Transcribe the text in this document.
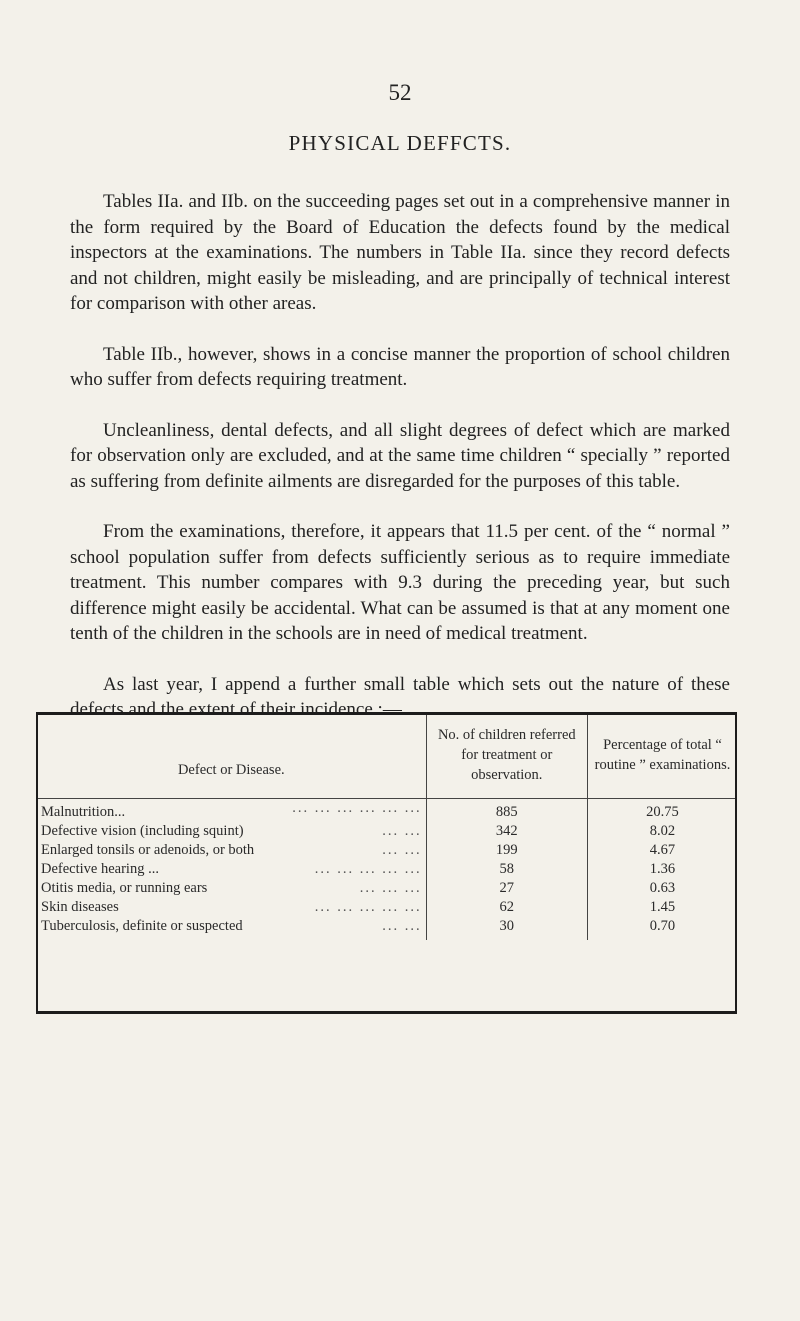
52
PHYSICAL DEFFCTS.

Tables IIa. and IIb. on the succeeding pages set out in a comprehensive manner in the form required by the Board of Education the defects found by the medical inspectors at the examinations. The numbers in Table IIa. since they record defects and not children, might easily be misleading, and are principally of technical interest for comparison with other areas.

Table IIb., however, shows in a concise manner the proportion of school children who suffer from defects requiring treatment.

Uncleanliness, dental defects, and all slight degrees of defect which are marked for observation only are excluded, and at the same time children “ specially ” reported as suffering from definite ailments are disregarded for the purposes of this table.

From the examinations, therefore, it appears that 11.5 per cent. of the “ normal ” school population suffer from defects sufficiently serious as to require immediate treatment. This number compares with 9.3 during the preceding year, but such difference might easily be accidental. What can be assumed is that at any moment one tenth of the children in the schools are in need of medical treatment.

As last year, I append a further small table which sets out the nature of these defects and the extent of their incidence :—

Defect or Disease.	No. of children referred for treatment or observation.	Percentage of total “ routine ” examinations.
Malnutrition... ... ... ... ... ... ...	885	20.75
Defective vision (including squint) ... ...	342	8.02
Enlarged tonsils or adenoids, or both ... ...	199	4.67
Defective hearing ... ... ... ... ... ...	58	1.36
Otitis media, or running ears ... ... ...	27	0.63
Skin diseases ... ... ... ... ...	62	1.45
Tuberculosis, definite or suspected ... ...	30	0.70
